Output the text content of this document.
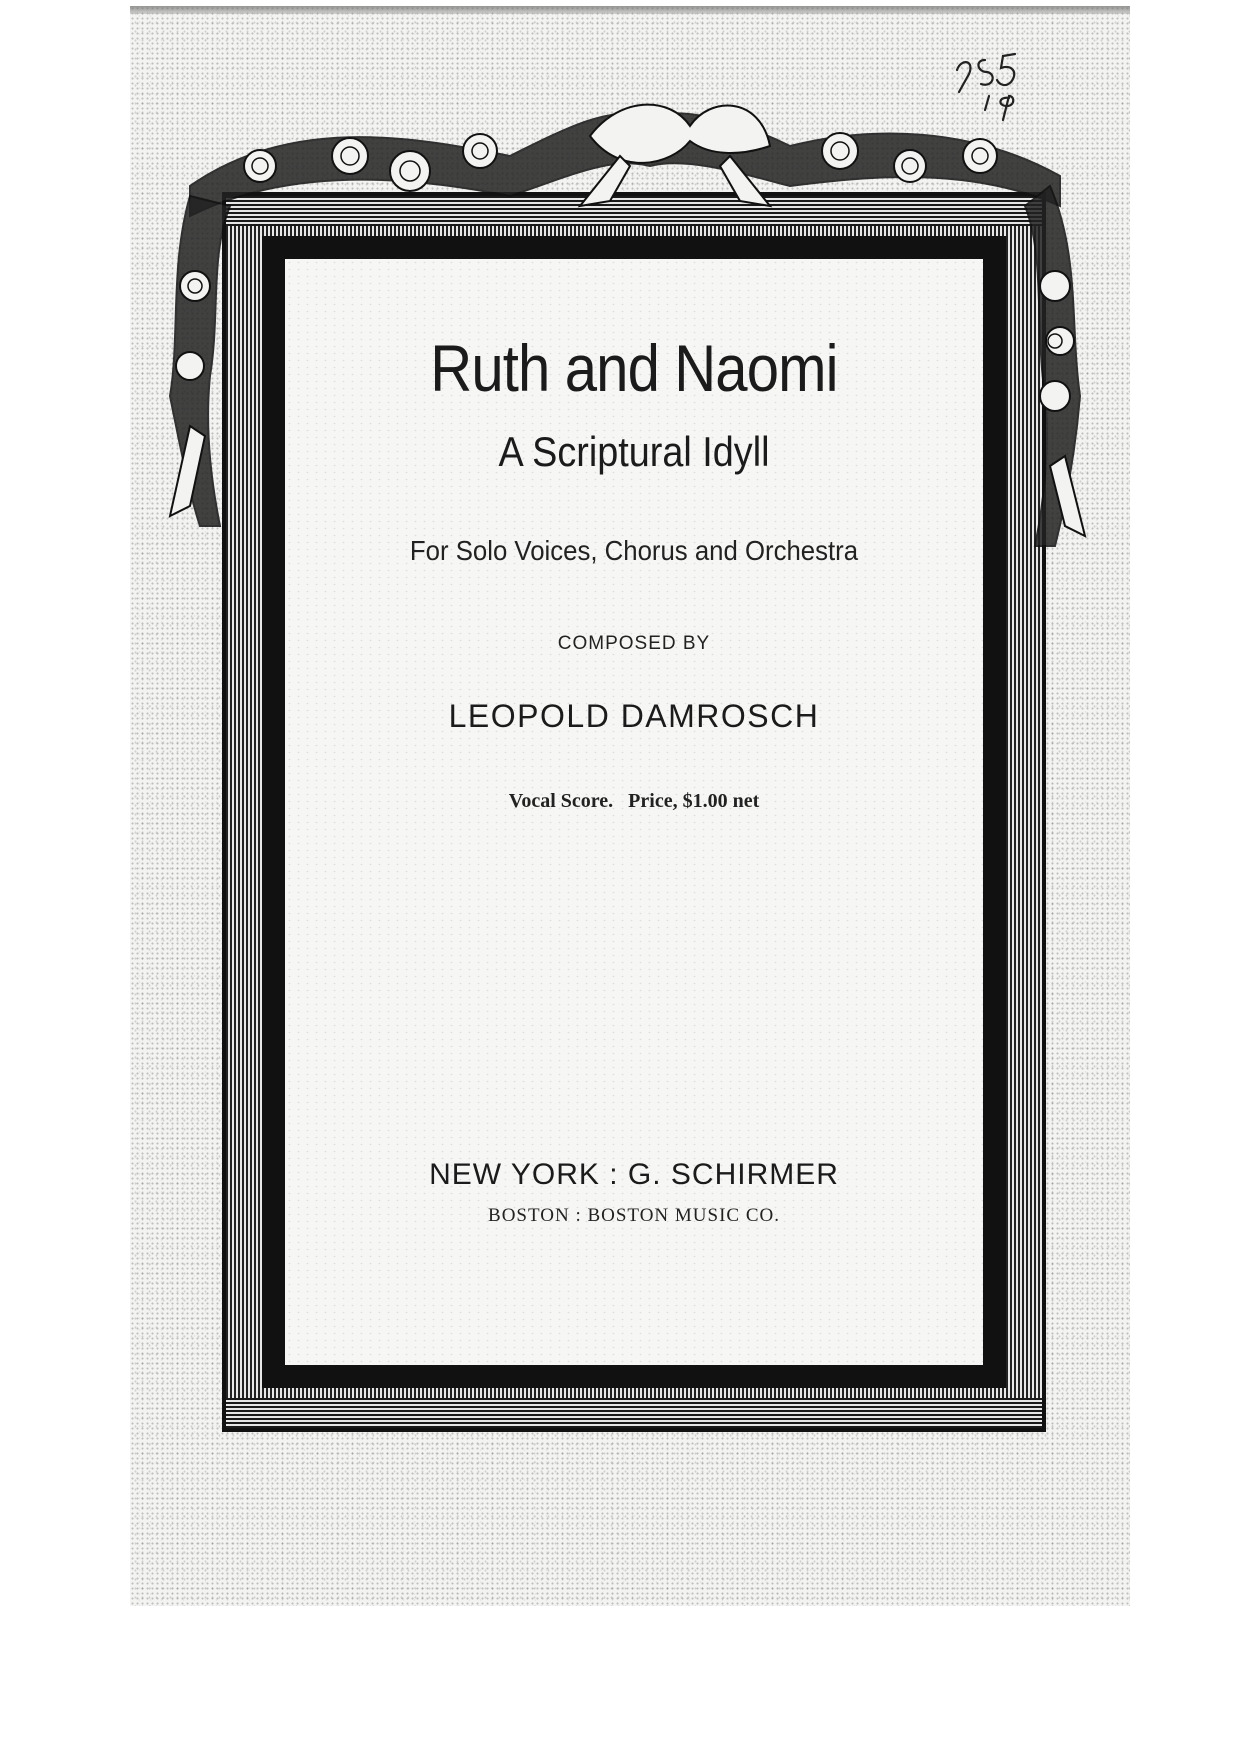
Ruth and Naomi
A Scriptural Idyll
For Solo Voices, Chorus and Orchestra
COMPOSED BY
LEOPOLD DAMROSCH
Vocal Score.   Price, $1.00 net
NEW YORK : G. SCHIRMER
BOSTON : BOSTON MUSIC CO.
